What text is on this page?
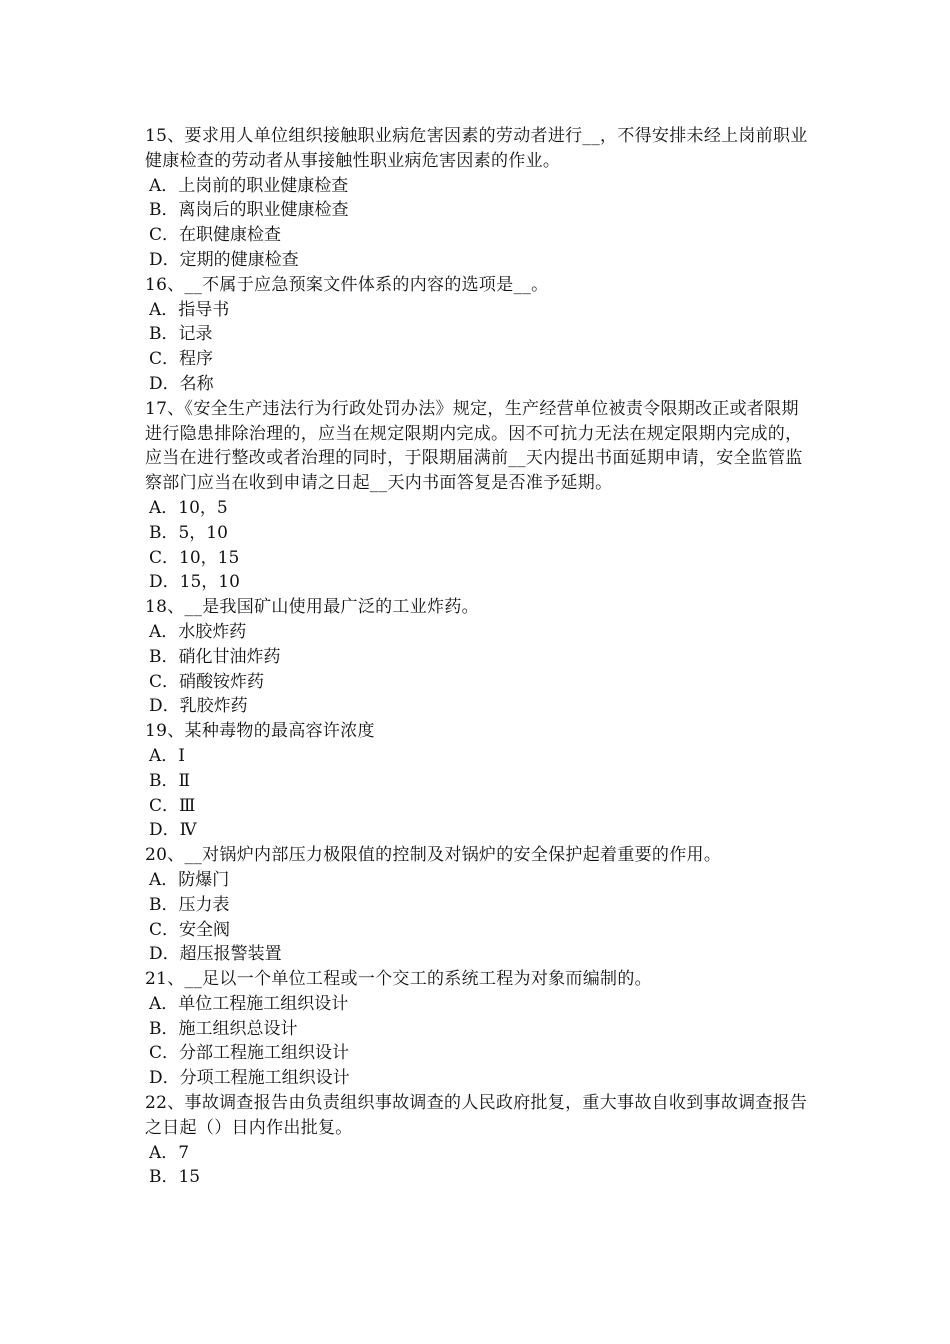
15、要求用人单位组织接触职业病危害因素的劳动者进行__，不得安排未经上岗前职业健康检查的劳动者从事接触性职业病危害因素的作业。

A．上岗前的职业健康检查

B．离岗后的职业健康检查

C．在职健康检查

D．定期的健康检查

16、__不属于应急预案文件体系的内容的选项是__。

A．指导书

B．记录

C．程序

D．名称

17、《安全生产违法行为行政处罚办法》规定，生产经营单位被责令限期改正或者限期进行隐患排除治理的，应当在规定限期内完成。因不可抗力无法在规定限期内完成的，应当在进行整改或者治理的同时，于限期届满前__天内提出书面延期申请，安全监管监察部门应当在收到申请之日起__天内书面答复是否准予延期。

A．10，5

B．5，10

C．10，15

D．15，10

18、__是我国矿山使用最广泛的工业炸药。

A．水胶炸药

B．硝化甘油炸药

C．硝酸铵炸药

D．乳胶炸药

19、某种毒物的最高容许浓度

A．Ⅰ

B．Ⅱ

C．Ⅲ

D．Ⅳ

20、__对锅炉内部压力极限值的控制及对锅炉的安全保护起着重要的作用。

A．防爆门

B．压力表

C．安全阀

D．超压报警装置

21、__足以一个单位工程或一个交工的系统工程为对象而编制的。

A．单位工程施工组织设计

B．施工组织总设计

C．分部工程施工组织设计

D．分项工程施工组织设计

22、事故调查报告由负责组织事故调查的人民政府批复，重大事故自收到事故调查报告之日起（）日内作出批复。

A．7

B．15
